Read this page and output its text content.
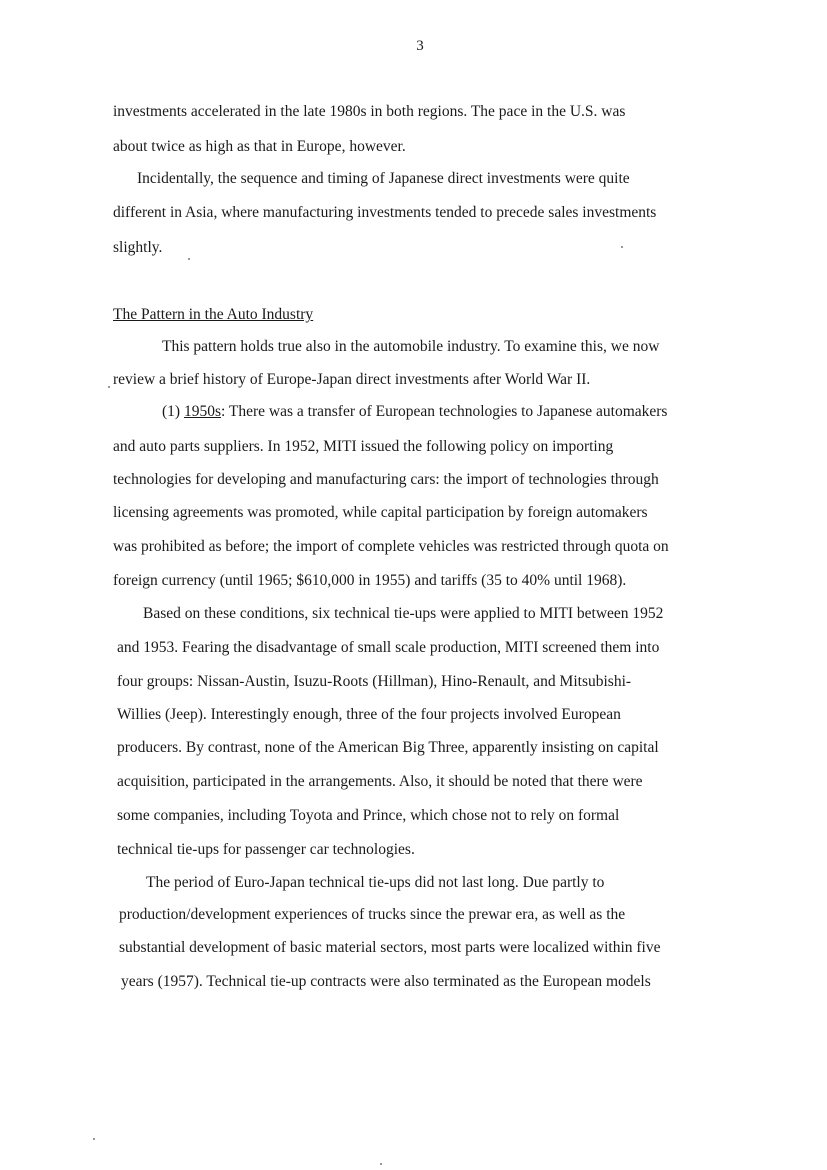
3
investments accelerated in the late 1980s in both regions. The pace in the U.S. was
about twice as high as that in Europe, however.
Incidentally, the sequence and timing of Japanese direct investments were quite
different in Asia, where manufacturing investments tended to precede sales investments
slightly.
The Pattern in the Auto Industry
This pattern holds true also in the automobile industry. To examine this, we now
review a brief history of Europe-Japan direct investments after World War II.
(1) 1950s: There was a transfer of European technologies to Japanese automakers
and auto parts suppliers. In 1952, MITI issued the following policy on importing
technologies for developing and manufacturing cars: the import of technologies through
licensing agreements was promoted, while capital participation by foreign automakers
was prohibited as before; the import of complete vehicles was restricted through quota on
foreign currency (until 1965; $610,000 in 1955) and tariffs (35 to 40% until 1968).
Based on these conditions, six technical tie-ups were applied to MITI between 1952
and 1953. Fearing the disadvantage of small scale production, MITI screened them into
four groups: Nissan-Austin, Isuzu-Roots (Hillman), Hino-Renault, and Mitsubishi-
Willies (Jeep). Interestingly enough, three of the four projects involved European
producers. By contrast, none of the American Big Three, apparently insisting on capital
acquisition, participated in the arrangements. Also, it should be noted that there were
some companies, including Toyota and Prince, which chose not to rely on formal
technical tie-ups for passenger car technologies.
The period of Euro-Japan technical tie-ups did not last long. Due partly to
production/development experiences of trucks since the prewar era, as well as the
substantial development of basic material sectors, most parts were localized within five
years (1957). Technical tie-up contracts were also terminated as the European models
